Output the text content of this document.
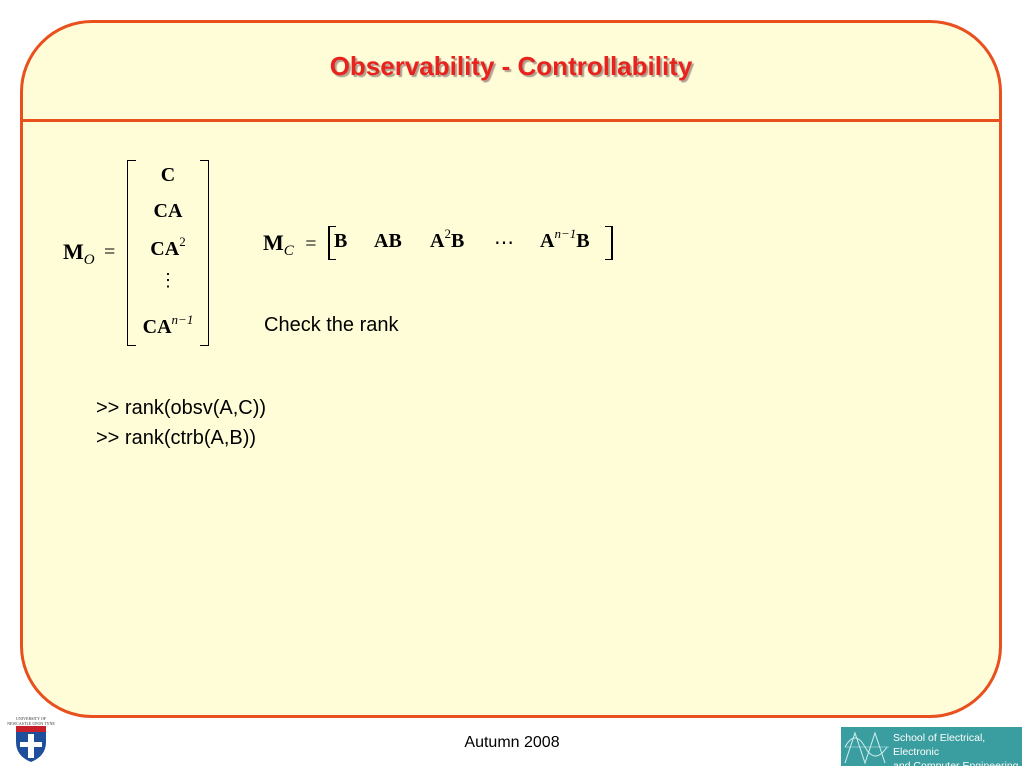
Observability - Controllability
$M_O$ =
C
CA
$CA^2$
⋮
$CA^{n-1}$
$M_C = B$ AB $A^2B$ ⋯ $A^{n-1}B$
Check the rank
>> rank(obsv(A,C))
>> rank(ctrb(A,B))
Autumn 2008
UNIVERSITY OF NEWCASTLE UPON TYNE
School of Electrical, Electronic
and Computer Engineering
